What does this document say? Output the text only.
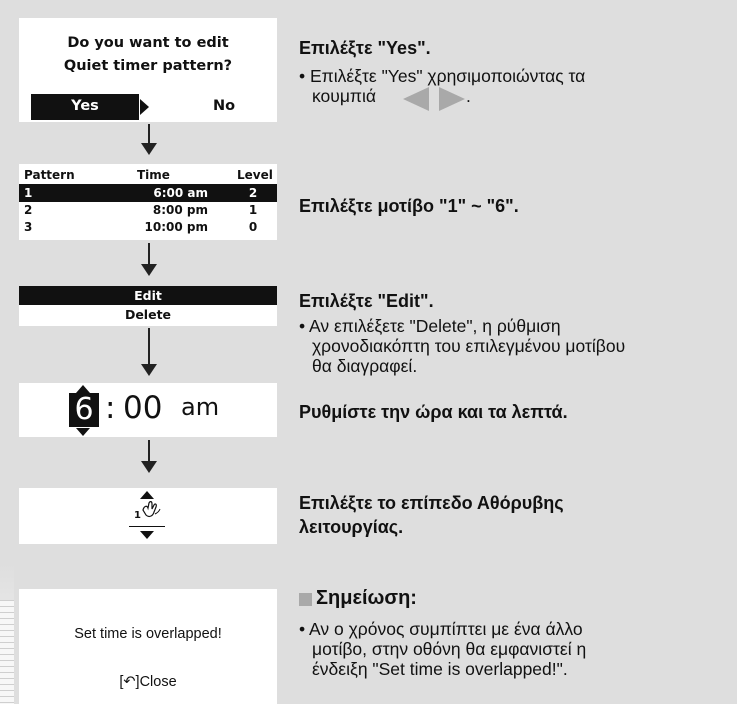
Do you want to edit
Quiet timer pattern?
Yes	No
Pattern	Time	Level
1	6:00 am	2
2	8:00 pm	1
3	10:00 pm	0
Edit
Delete
6 : 00 am
1
Set time is overlapped!
[↶]Close
Επιλέξτε "Yes".
• Επιλέξτε "Yes" χρησιμοποιώντας τα
κουμπιά	.
Επιλέξτε μοτίβο "1" ~ "6".
Επιλέξτε "Edit".
• Αν επιλέξετε "Delete", η ρύθμιση
χρονοδιακόπτη του επιλεγμένου μοτίβου
θα διαγραφεί.
Ρυθμίστε την ώρα και τα λεπτά.
Επιλέξτε το επίπεδο Αθόρυβης
λειτουργίας.
Σημείωση:
• Αν ο χρόνος συμπίπτει με ένα άλλο
μοτίβο, στην οθόνη θα εμφανιστεί η
ένδειξη "Set time is overlapped!".
